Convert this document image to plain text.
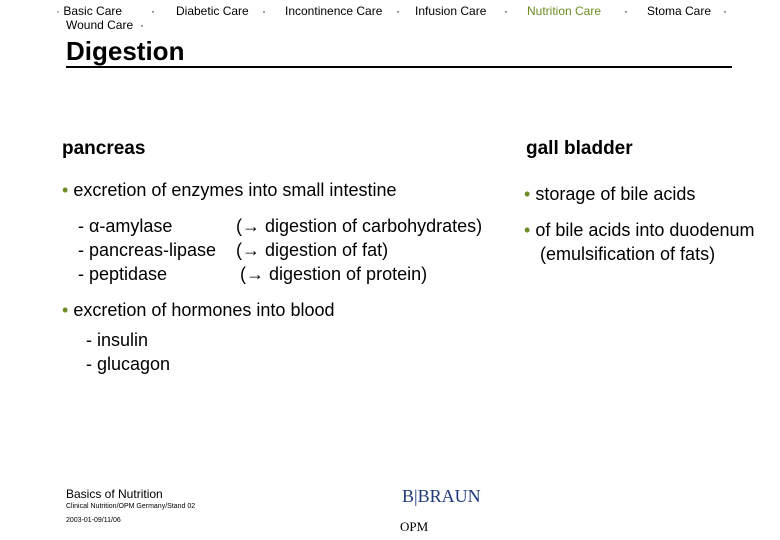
· Basic Care · Diabetic Care · Incontinence Care · Infusion Care · Nutrition Care · Stoma Care ·
Wound Care ·
Digestion
pancreas
• excretion of enzymes into small intestine
- α-amylase	(→ digestion of carbohydrates)
- pancreas-lipase (→ digestion of fat)
- peptidase	(→ digestion of protein)
• excretion of hormones into blood
- insulin
- glucagon
gall bladder
• storage of bile acids
• of bile acids into duodenum
(emulsification of fats)
Basics of Nutrition
Clinical Nutrition/OPM Germany/Stand 02
2003-01-09/11/06
B|BRAUN
OPM
